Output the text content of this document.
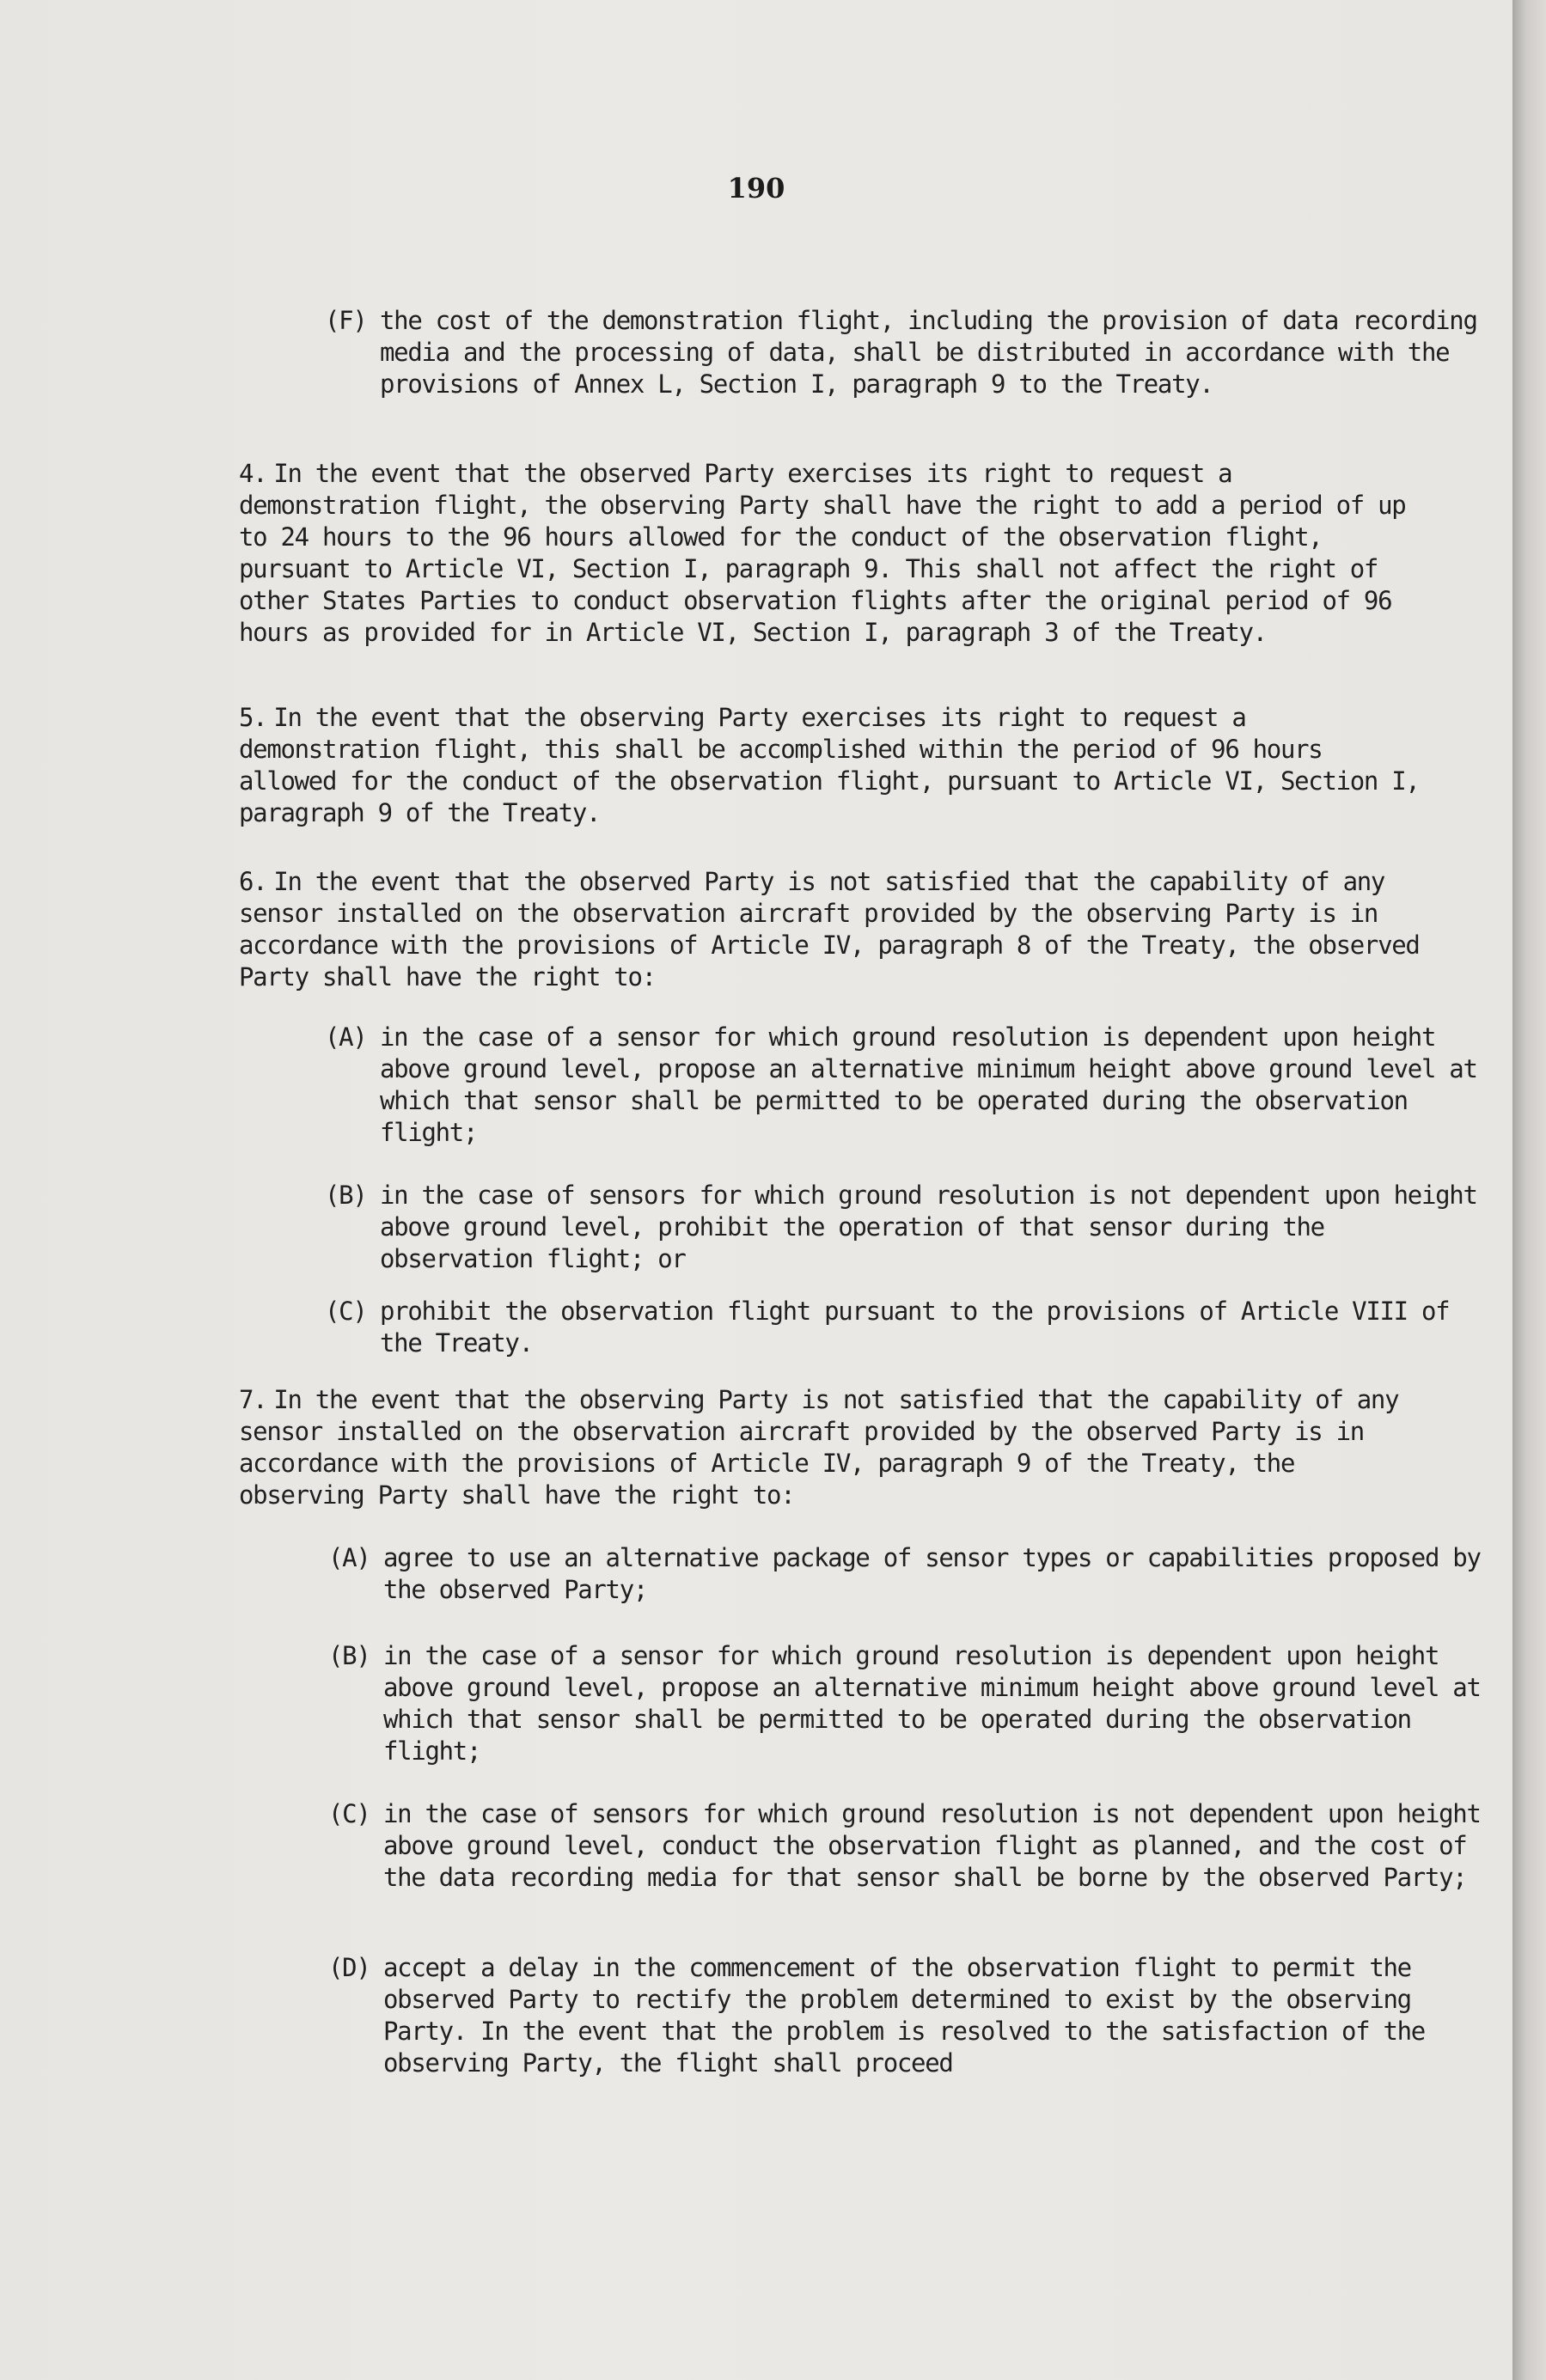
190
(F) the cost of the demonstration flight, including the provision of data recording media and the processing of data, shall be distributed in accordance with the provisions of Annex L, Section I, paragraph 9 to the Treaty.
4. In the event that the observed Party exercises its right to request a demonstration flight, the observing Party shall have the right to add a period of up to 24 hours to the 96 hours allowed for the conduct of the observation flight, pursuant to Article VI, Section I, paragraph 9. This shall not affect the right of other States Parties to conduct observation flights after the original period of 96 hours as provided for in Article VI, Section I, paragraph 3 of the Treaty.
5. In the event that the observing Party exercises its right to request a demonstration flight, this shall be accomplished within the period of 96 hours allowed for the conduct of the observation flight, pursuant to Article VI, Section I, paragraph 9 of the Treaty.
6. In the event that the observed Party is not satisfied that the capability of any sensor installed on the observation aircraft provided by the observing Party is in accordance with the provisions of Article IV, paragraph 8 of the Treaty, the observed Party shall have the right to:
(A) in the case of a sensor for which ground resolution is dependent upon height above ground level, propose an alternative minimum height above ground level at which that sensor shall be permitted to be operated during the observation flight;
(B) in the case of sensors for which ground resolution is not dependent upon height above ground level, prohibit the operation of that sensor during the observation flight; or
(C) prohibit the observation flight pursuant to the provisions of Article VIII of the Treaty.
7. In the event that the observing Party is not satisfied that the capability of any sensor installed on the observation aircraft provided by the observed Party is in accordance with the provisions of Article IV, paragraph 9 of the Treaty, the observing Party shall have the right to:
(A) agree to use an alternative package of sensor types or capabilities proposed by the observed Party;
(B) in the case of a sensor for which ground resolution is dependent upon height above ground level, propose an alternative minimum height above ground level at which that sensor shall be permitted to be operated during the observation flight;
(C) in the case of sensors for which ground resolution is not dependent upon height above ground level, conduct the observation flight as planned, and the cost of the data recording media for that sensor shall be borne by the observed Party;
(D) accept a delay in the commencement of the observation flight to permit the observed Party to rectify the problem determined to exist by the observing Party. In the event that the problem is resolved to the satisfaction of the observing Party, the flight shall proceed
